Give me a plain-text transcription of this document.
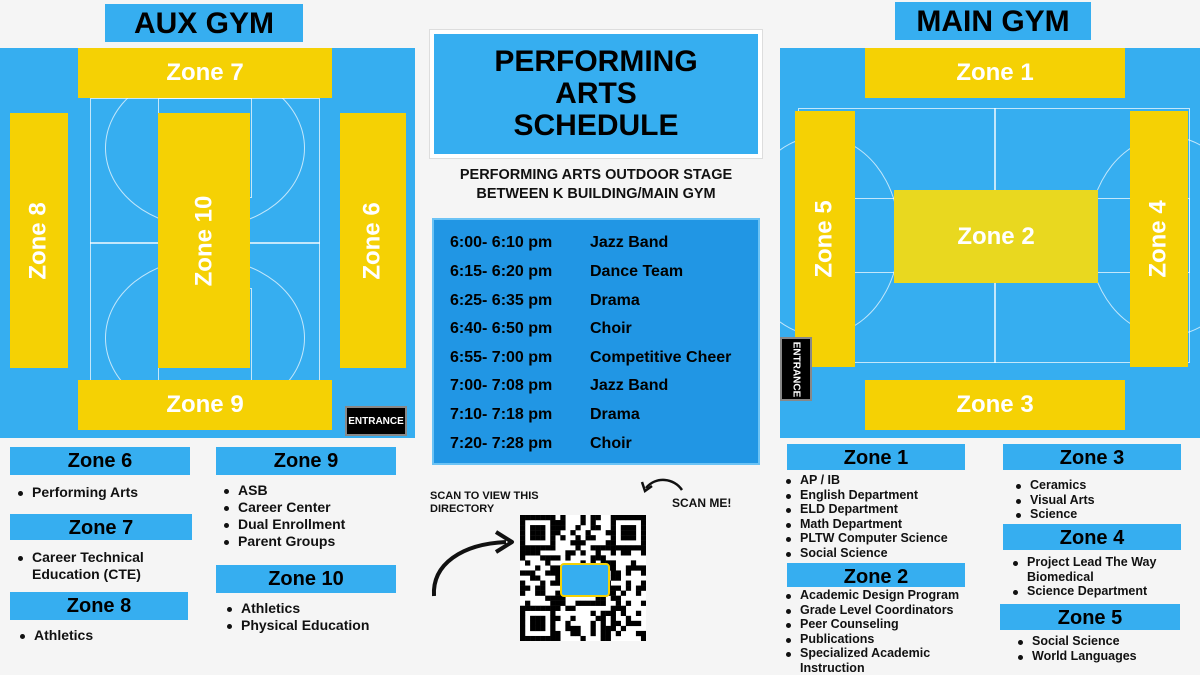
AUX GYM
Zone 7
Zone 8	Zone 10	Zone 6
Zone 9
ENTRANCE
MAIN GYM
Zone 1
Zone 5	Zone 2	Zone 4
Zone 3
ENTRANCE
PERFORMING
ARTS
SCHEDULE
PERFORMING ARTS OUTDOOR STAGE
BETWEEN K BUILDING/MAIN GYM
6:00- 6:10 pm	Jazz Band
6:15- 6:20 pm	Dance Team
6:25- 6:35 pm	Drama
6:40- 6:50 pm	Choir
6:55- 7:00 pm	Competitive Cheer
7:00- 7:08 pm	Jazz Band
7:10- 7:18 pm	Drama
7:20- 7:28 pm	Choir
SCAN TO VIEW THIS DIRECTORY	SCAN ME!
Zone 6
Performing Arts
Zone 7
Career Technical Education (CTE)
Zone 8
Athletics
Zone 9
ASB
Career Center
Dual Enrollment
Parent Groups
Zone 10
Athletics
Physical Education
Zone 1
AP / IB
English Department
ELD Department
Math Department
PLTW Computer Science
Social Science
Zone 2
Academic Design Program
Grade Level Coordinators
Peer Counseling
Publications
Specialized Academic Instruction
Zone 3
Ceramics
Visual Arts
Science
Zone 4
Project Lead The Way Biomedical
Science Department
Zone 5
Social Science
World Languages
